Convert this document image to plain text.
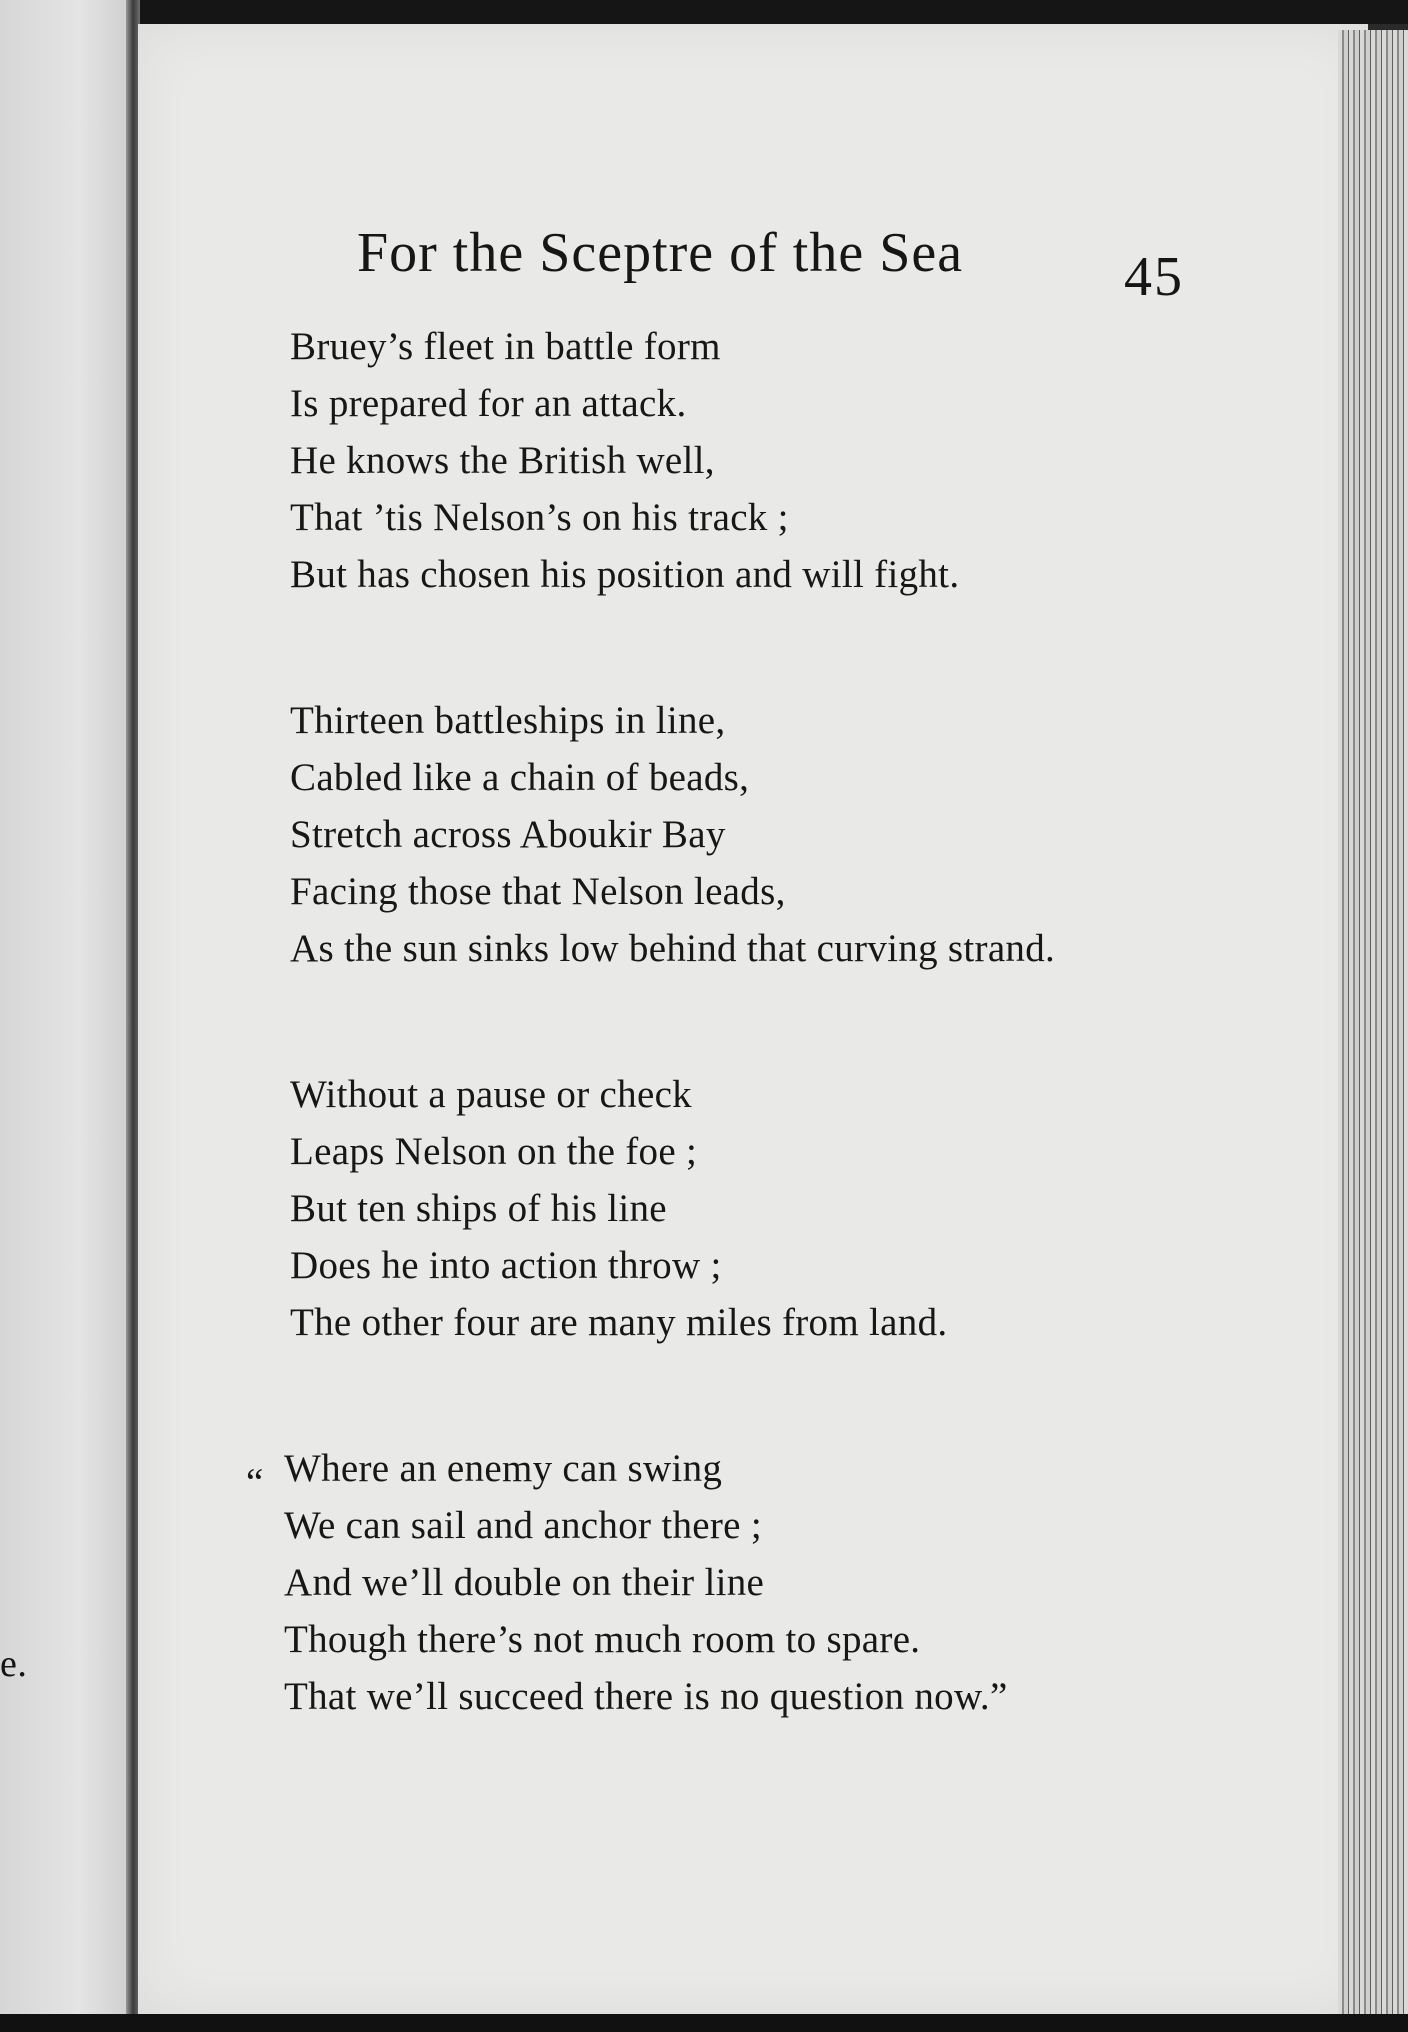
e.
For the Sceptre of the Sea	45
Bruey’s fleet in battle form
Is prepared for an attack.
He knows the British well,
That ’tis Nelson’s on his track ;
But has chosen his position and will fight.
Thirteen battleships in line,
Cabled like a chain of beads,
Stretch across Aboukir Bay
Facing those that Nelson leads,
As the sun sinks low behind that curving strand.
Without a pause or check
Leaps Nelson on the foe ;
But ten ships of his line
Does he into action throw ;
The other four are many miles from land.
“ Where an enemy can swing
We can sail and anchor there ;
And we’ll double on their line
Though there’s not much room to spare.
That we’ll succeed there is no question now.”
